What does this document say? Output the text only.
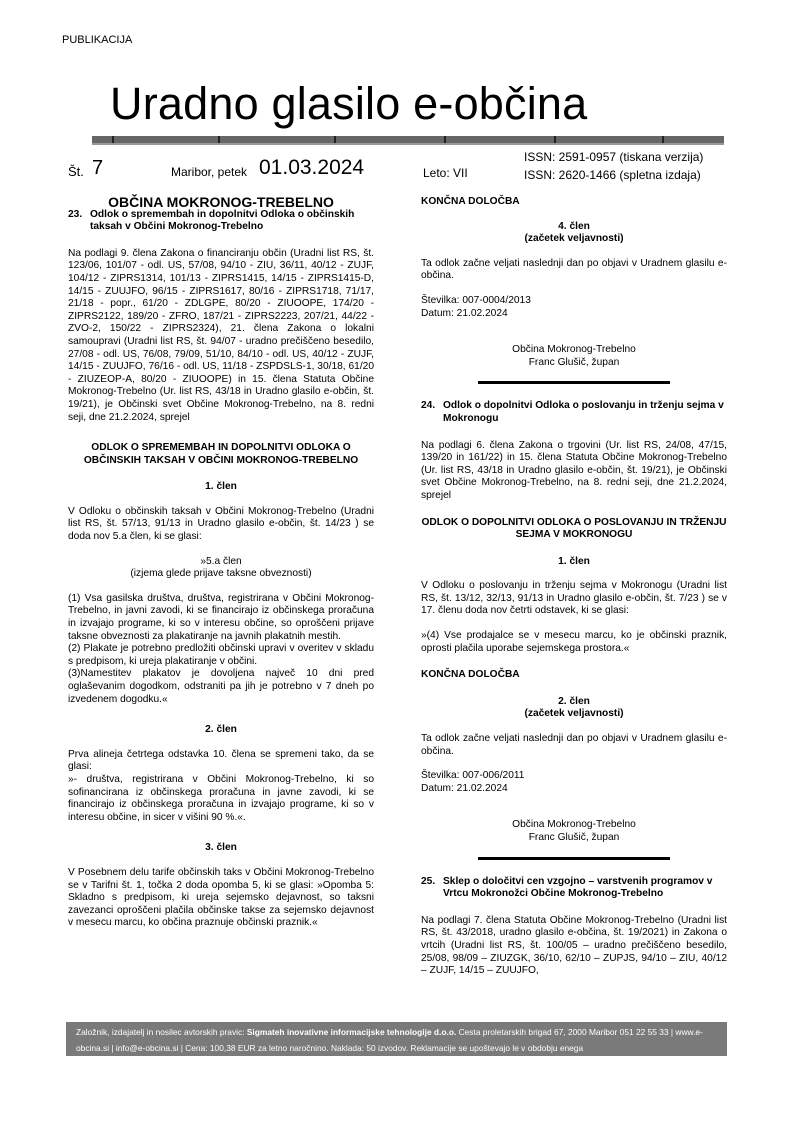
PUBLIKACIJA
Uradno glasilo e-občina
Št. 7	Maribor, petek 01.03.2024	Leto: VII
ISSN: 2591-0957 (tiskana verzija)
ISSN: 2620-1466 (spletna izdaja)

OBČINA MOKRONOG-TREBELNO

23. Odlok o spremembah in dopolnitvi Odloka o občinskih taksah v Občini Mokronog-Trebelno

Na podlagi 9. člena Zakona o financiranju občin (Uradni list RS, št. 123/06, 101/07 - odl. US, 57/08, 94/10 - ZIU, 36/11, 40/12 - ZUJF, 104/12 - ZIPRS1314, 101/13 - ZIPRS1415, 14/15 - ZIPRS1415-D, 14/15 - ZUUJFO, 96/15 - ZIPRS1617, 80/16 - ZIPRS1718, 71/17, 21/18 - popr., 61/20 - ZDLGPE, 80/20 - ZIUOOPE, 174/20 - ZIPRS2122, 189/20 - ZFRO, 187/21 - ZIPRS2223, 207/21, 44/22 - ZVO-2, 150/22 - ZIPRS2324), 21. člena Zakona o lokalni samoupravi (Uradni list RS, št. 94/07 - uradno prečiščeno besedilo, 27/08 - odl. US, 76/08, 79/09, 51/10, 84/10 - odl. US, 40/12 - ZUJF, 14/15 - ZUUJFO, 76/16 - odl. US, 11/18 - ZSPDSLS-1, 30/18, 61/20 - ZIUZEOP-A, 80/20 - ZIUOOPE) in 15. člena Statuta Občine Mokronog-Trebelno (Ur. list RS, 43/18 in Uradno glasilo e-občin, št. 19/21), je Občinski svet Občine Mokronog-Trebelno, na 8. redni seji, dne 21.2.2024, sprejel

ODLOK O SPREMEMBAH IN DOPOLNITVI ODLOKA O OBČINSKIH TAKSAH V OBČINI MOKRONOG-TREBELNO

1. člen

V Odloku o občinskih taksah v Občini Mokronog-Trebelno (Uradni list RS, št. 57/13, 91/13 in Uradno glasilo e-občin, št. 14/23 ) se doda nov 5.a člen, ki se glasi:

»5.a člen

(izjema glede prijave taksne obveznosti)

(1) Vsa gasilska društva, društva, registrirana v Občini Mokronog-Trebelno, in javni zavodi, ki se financirajo iz občinskega proračuna in izvajajo programe, ki so v interesu občine, so oproščeni prijave taksne obveznosti za plakatiranje na javnih plakatnih mestih.

(2) Plakate je potrebno predložiti občinski upravi v overitev v skladu s predpisom, ki ureja plakatiranje v občini.

(3)Namestitev plakatov je dovoljena največ 10 dni pred oglaševanim dogodkom, odstraniti pa jih je potrebno v 7 dneh po izvedenem dogodku.«

2. člen

Prva alineja četrtega odstavka 10. člena se spremeni tako, da se glasi:

»- društva, registrirana v Občini Mokronog-Trebelno, ki so sofinancirana iz občinskega proračuna in javne zavodi, ki se financirajo iz občinskega proračuna in izvajajo programe, ki so v interesu občine, in sicer v višini 90 %.«.

3. člen

V Posebnem delu tarife občinskih taks v Občini Mokronog-Trebelno se v Tarifni št. 1, točka 2 doda opomba 5, ki se glasi: »Opomba 5: Skladno s predpisom, ki ureja sejemsko dejavnost, so taksni zavezanci oproščeni plačila občinske takse za sejemsko dejavnost v mesecu marcu, ko občina praznuje občinski praznik.«

KONČNA DOLOČBA

4. člen

(začetek veljavnosti)

Ta odlok začne veljati naslednji dan po objavi v Uradnem glasilu e-občina.

Številka: 007-0004/2013

Datum: 21.02.2024

Občina Mokronog-Trebelno

Franc Glušič, župan

24. Odlok o dopolnitvi Odloka o poslovanju in trženju sejma v Mokronogu

Na podlagi 6. člena Zakona o trgovini (Ur. list RS, 24/08, 47/15, 139/20 in 161/22) in 15. člena Statuta Občine Mokronog-Trebelno (Ur. list RS, 43/18 in Uradno glasilo e-občin, št. 19/21), je Občinski svet Občine Mokronog-Trebelno, na 8. redni seji, dne 21.2.2024, sprejel

ODLOK O DOPOLNITVI ODLOKA O POSLOVANJU IN TRŽENJU SEJMA V MOKRONOGU

1. člen

V Odloku o poslovanju in trženju sejma v Mokronogu (Uradni list RS, št. 13/12, 32/13, 91/13 in Uradno glasilo e-občin, št. 7/23 ) se v 17. členu doda nov četrti odstavek, ki se glasi:

»(4) Vse prodajalce se v mesecu marcu, ko je občinski praznik, oprosti plačila uporabe sejemskega prostora.«

KONČNA DOLOČBA

2. člen

(začetek veljavnosti)

Ta odlok začne veljati naslednji dan po objavi v Uradnem glasilu e-občina.

Številka: 007-006/2011

Datum: 21.02.2024

Občina Mokronog-Trebelno

Franc Glušič, župan

25. Sklep o določitvi cen vzgojno – varstvenih programov v Vrtcu Mokronožci Občine Mokronog-Trebelno

Na podlagi 7. člena Statuta Občine Mokronog-Trebelno (Uradni list RS, št. 43/2018, uradno glasilo e-občina, št. 19/2021) in Zakona o vrtcih (Uradni list RS, št. 100/05 – uradno prečiščeno besedilo, 25/08, 98/09 – ZIUZGK, 36/10, 62/10 – ZUPJS, 94/10 – ZIU, 40/12 – ZUJF, 14/15 – ZUUJFO,

Založnik, izdajatelj in nosilec avtorskih pravic: Sigmateh inovativne informacijske tehnologije d.o.o. Cesta proletarskih brigad 67, 2000 Maribor 051 22 55 33 | www.e-obcina.si | info@e-obcina.si | Cena: 100,38 EUR za letno naročnino. Naklada: 50 izvodov. Reklamacije se upoštevajo le v obdobju enega
